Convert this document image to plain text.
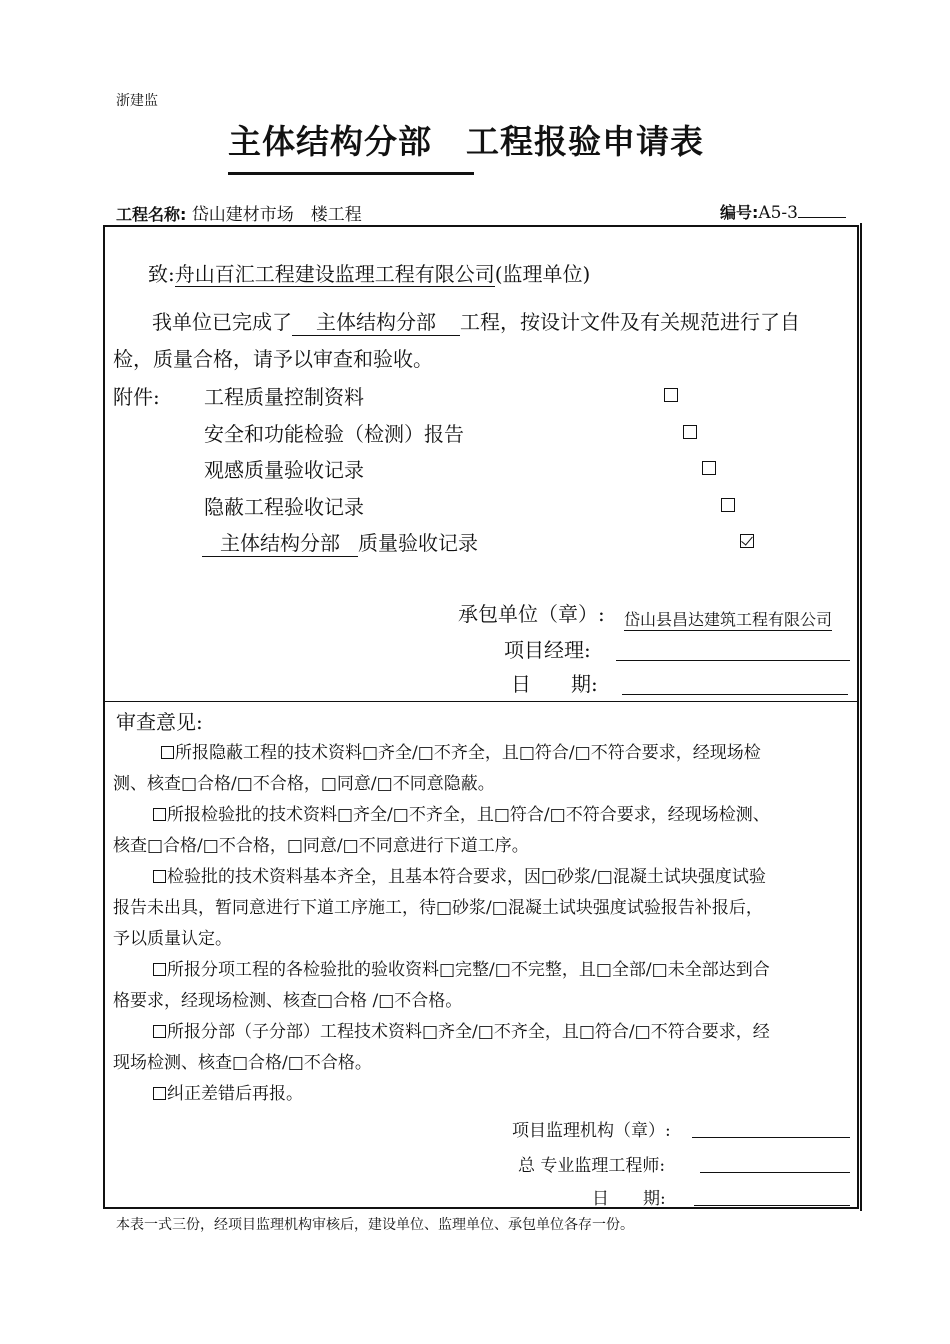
浙建监
主体结构分部　工程报验申请表
工程名称: 岱山建材市场　楼工程	编号:A5-3
致:舟山百汇工程建设监理工程有限公司(监理单位)
我单位已完成了 主体结构分部 工程，按设计文件及有关规范进行了自
检，质量合格，请予以审查和验收。
附件: 工程质量控制资料

安全和功能检验（检测）报告

观感质量验收记录

隐蔽工程验收记录

主体结构分部 质量验收记录
承包单位（章）: 岱山县昌达建筑工程有限公司
项目经理:
日　　期:
审查意见:
所报隐蔽工程的技术资料□齐全/□不齐全，且□符合/□不符合要求，经现场检
测、核查□合格/□不合格，□同意/□不同意隐蔽。
所报检验批的技术资料□齐全/□不齐全，且□符合/□不符合要求，经现场检测、
核查□合格/□不合格，□同意/□不同意进行下道工序。
检验批的技术资料基本齐全，且基本符合要求，因□砂浆/□混凝土试块强度试验
报告未出具，暂同意进行下道工序施工，待□砂浆/□混凝土试块强度试验报告补报后，
予以质量认定。
所报分项工程的各检验批的验收资料□完整/□不完整，且□全部/□未全部达到合
格要求，经现场检测、核查□合格 /□不合格。
所报分部（子分部）工程技术资料□齐全/□不齐全，且□符合/□不符合要求，经
现场检测、核查□合格/□不合格。
纠正差错后再报。
项目监理机构（章）:
总 专业监理工程师:
日　　期:
本表一式三份，经项目监理机构审核后，建设单位、监理单位、承包单位各存一份。
